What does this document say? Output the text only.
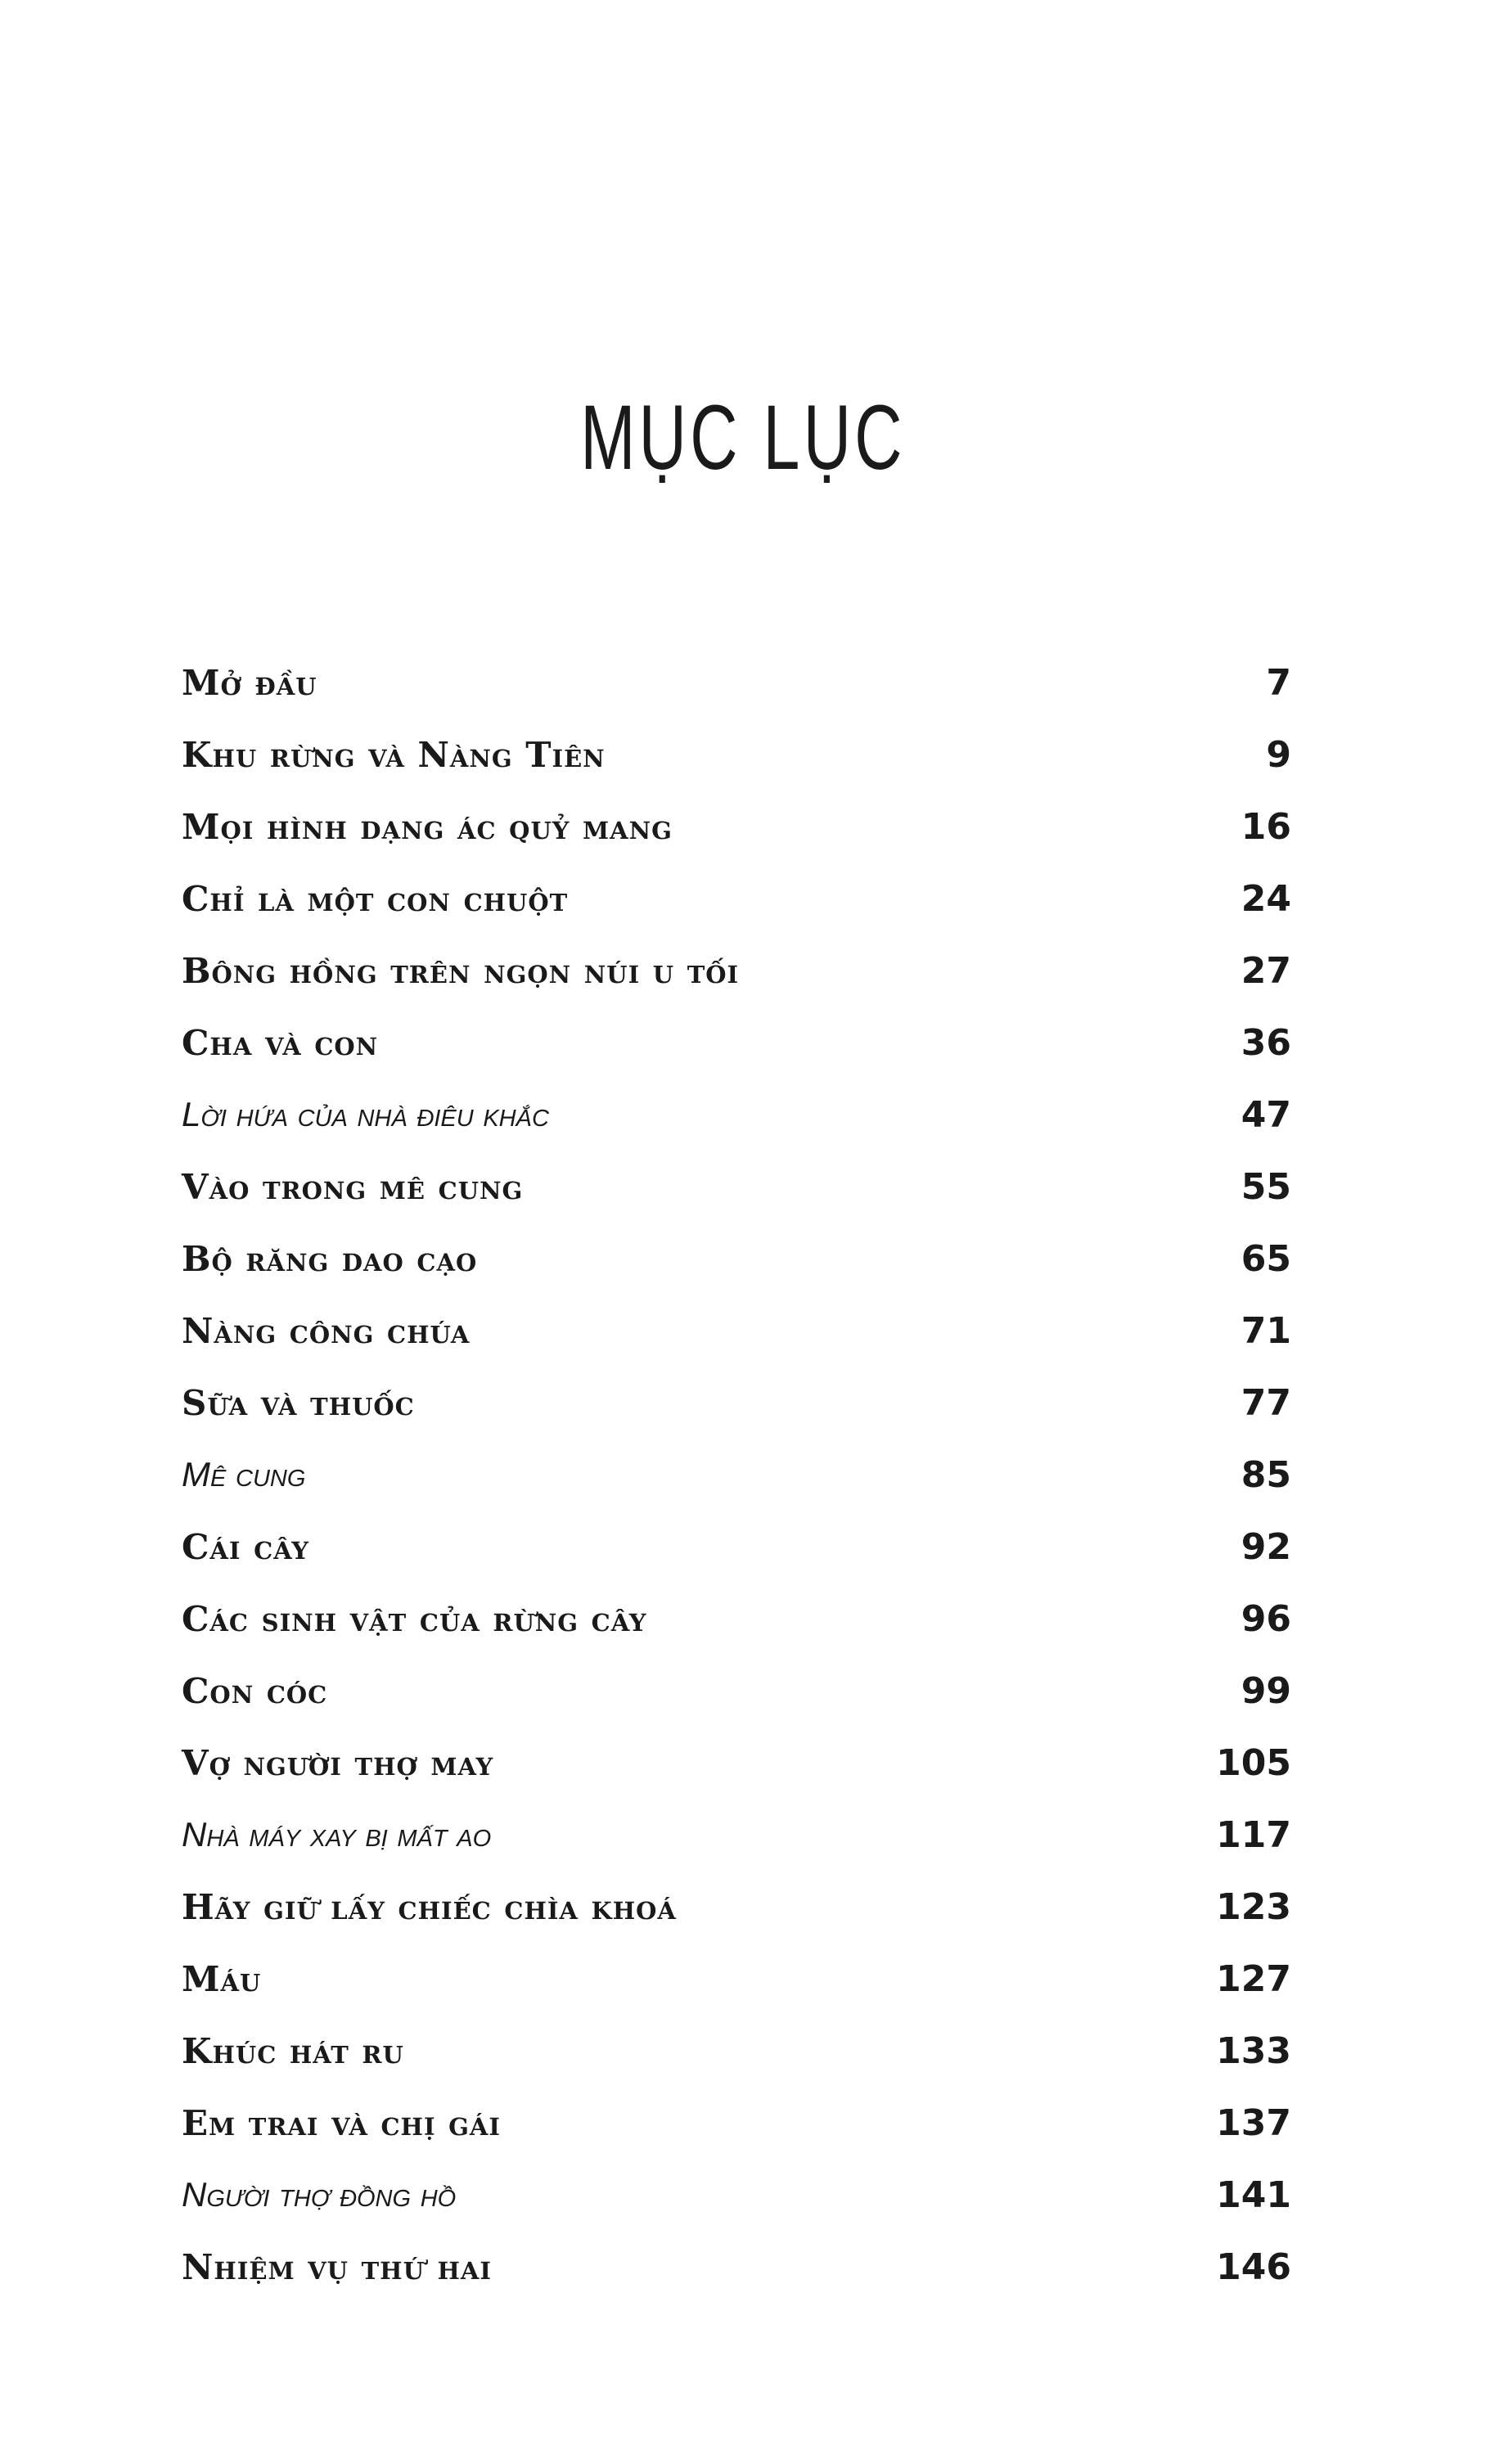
MỤC LỤC
Mở đầu	7
Khu rừng và Nàng Tiên	9
Mọi hình dạng ác quỷ mang	16
Chỉ là một con chuột	24
Bông hồng trên ngọn núi u tối	27
Cha và con	36
Lời hứa của nhà điêu khắc	47
Vào trong mê cung	55
Bộ răng dao cạo	65
Nàng công chúa	71
Sữa và thuốc	77
Mê cung	85
Cái cây	92
Các sinh vật của rừng cây	96
Con cóc	99
Vợ người thợ may	105
Nhà máy xay bị mất ao	117
Hãy giữ lấy chiếc chìa khoá	123
Máu	127
Khúc hát ru	133
Em trai và chị gái	137
Người thợ đồng hồ	141
Nhiệm vụ thứ hai	146
